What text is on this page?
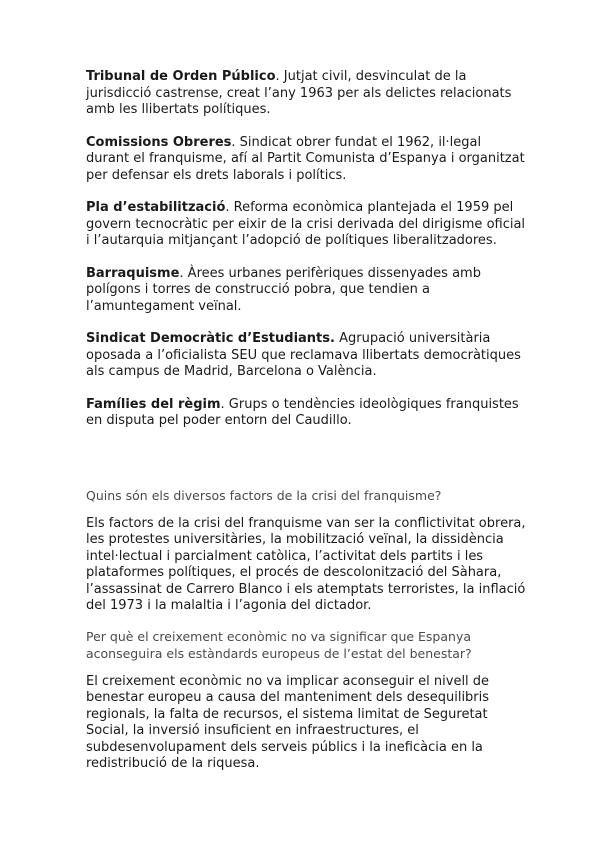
Tribunal de Orden Público. Jutjat civil, desvinculat de la jurisdicció castrense, creat l’any 1963 per als delictes relacionats amb les llibertats polítiques.

Comissions Obreres. Sindicat obrer fundat el 1962, il·legal durant el franquisme, afí al Partit Comunista d’Espanya i organitzat per defensar els drets laborals i polítics.

Pla d’estabilització. Reforma econòmica plantejada el 1959 pel govern tecnocràtic per eixir de la crisi derivada del dirigisme oficial i l’autarquia mitjançant l’adopció de polítiques liberalitzadores.

Barraquisme. Àrees urbanes perifèriques dissenyades amb polígons i torres de construcció pobra, que tendien a l’amuntegament veïnal.

Sindicat Democràtic d’Estudiants. Agrupació universitària oposada a l’oficialista SEU que reclamava llibertats democràtiques als campus de Madrid, Barcelona o València.

Famílies del règim. Grups o tendències ideològiques franquistes en disputa pel poder entorn del Caudillo.

Quins són els diversos factors de la crisi del franquisme?

Els factors de la crisi del franquisme van ser la conflictivitat obrera, les protestes universitàries, la mobilització veïnal, la dissidència intel·lectual i parcialment catòlica, l’activitat dels partits i les plataformes polítiques, el procés de descolonització del Sàhara, l’assassinat de Carrero Blanco i els atemptats terroristes, la inflació del 1973 i la malaltia i l’agonia del dictador.

Per què el creixement econòmic no va significar que Espanya aconseguira els estàndards europeus de l’estat del benestar?

El creixement econòmic no va implicar aconseguir el nivell de benestar europeu a causa del manteniment dels desequilibris regionals, la falta de recursos, el sistema limitat de Seguretat Social, la inversió insuficient en infraestructures, el subdesenvolupament dels serveis públics i la ineficàcia en la redistribució de la riquesa.
